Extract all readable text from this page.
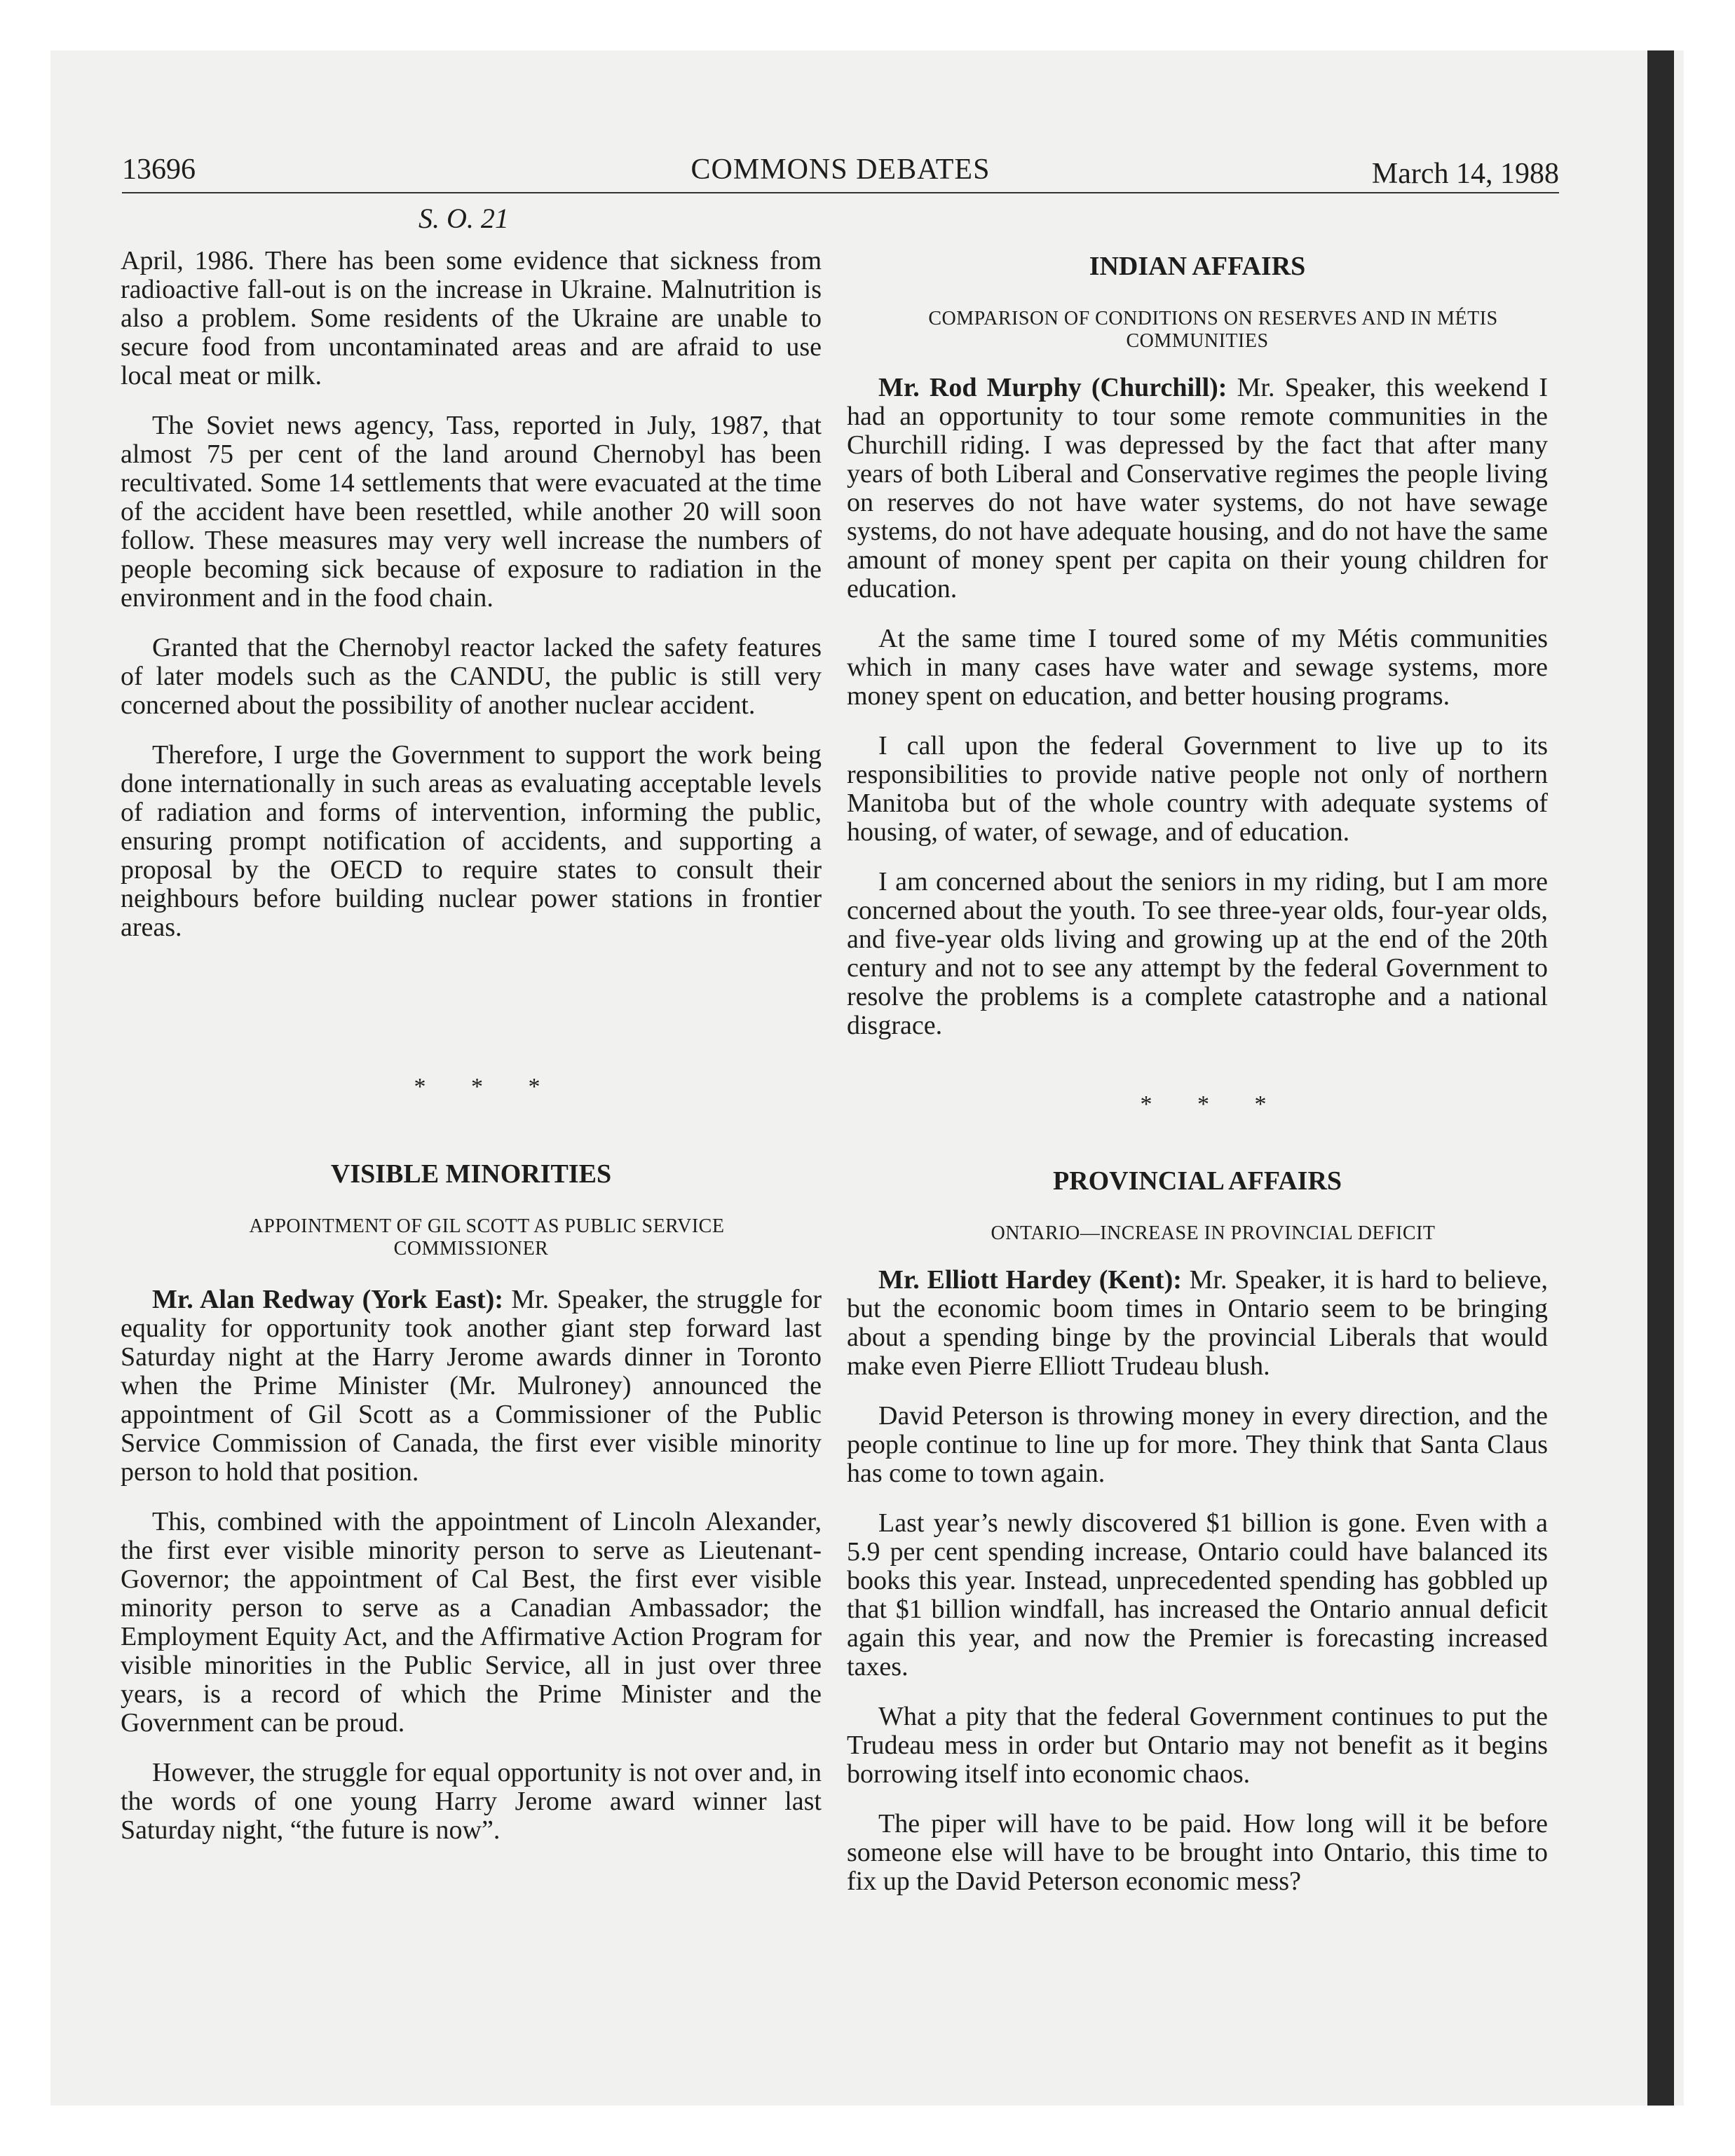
13696	COMMONS DEBATES	March 14, 1988
S. O. 21

April, 1986. There has been some evidence that sickness from radioactive fall-out is on the increase in Ukraine. Malnutrition is also a problem. Some residents of the Ukraine are unable to secure food from uncontaminated areas and are afraid to use local meat or milk.

The Soviet news agency, Tass, reported in July, 1987, that almost 75 per cent of the land around Chernobyl has been recultivated. Some 14 settlements that were evacuated at the time of the accident have been resettled, while another 20 will soon follow. These measures may very well increase the numbers of people becoming sick because of exposure to radiation in the environment and in the food chain.

Granted that the Chernobyl reactor lacked the safety features of later models such as the CANDU, the public is still very concerned about the possibility of another nuclear accident.

Therefore, I urge the Government to support the work being done internationally in such areas as evaluating acceptable levels of radiation and forms of intervention, informing the public, ensuring prompt notification of accidents, and supporting a proposal by the OECD to require states to consult their neighbours before building nuclear power stations in frontier areas.

* * *

VISIBLE MINORITIES

APPOINTMENT OF GIL SCOTT AS PUBLIC SERVICE COMMISSIONER

Mr. Alan Redway (York East): Mr. Speaker, the struggle for equality for opportunity took another giant step forward last Saturday night at the Harry Jerome awards dinner in Toronto when the Prime Minister (Mr. Mulroney) announced the appointment of Gil Scott as a Commissioner of the Public Service Commission of Canada, the first ever visible minority person to hold that position.

This, combined with the appointment of Lincoln Alexander, the first ever visible minority person to serve as Lieutenant-Governor; the appointment of Cal Best, the first ever visible minority person to serve as a Canadian Ambassador; the Employment Equity Act, and the Affirmative Action Program for visible minorities in the Public Service, all in just over three years, is a record of which the Prime Minister and the Government can be proud.

However, the struggle for equal opportunity is not over and, in the words of one young Harry Jerome award winner last Saturday night, “the future is now”.

INDIAN AFFAIRS

COMPARISON OF CONDITIONS ON RESERVES AND IN MÉTIS COMMUNITIES

Mr. Rod Murphy (Churchill): Mr. Speaker, this weekend I had an opportunity to tour some remote communities in the Churchill riding. I was depressed by the fact that after many years of both Liberal and Conservative regimes the people living on reserves do not have water systems, do not have sewage systems, do not have adequate housing, and do not have the same amount of money spent per capita on their young children for education.

At the same time I toured some of my Métis communities which in many cases have water and sewage systems, more money spent on education, and better housing programs.

I call upon the federal Government to live up to its responsibilities to provide native people not only of northern Manitoba but of the whole country with adequate systems of housing, of water, of sewage, and of education.

I am concerned about the seniors in my riding, but I am more concerned about the youth. To see three-year olds, four-year olds, and five-year olds living and growing up at the end of the 20th century and not to see any attempt by the federal Government to resolve the problems is a complete catastrophe and a national disgrace.

* * *

PROVINCIAL AFFAIRS

ONTARIO—INCREASE IN PROVINCIAL DEFICIT

Mr. Elliott Hardey (Kent): Mr. Speaker, it is hard to believe, but the economic boom times in Ontario seem to be bringing about a spending binge by the provincial Liberals that would make even Pierre Elliott Trudeau blush.

David Peterson is throwing money in every direction, and the people continue to line up for more. They think that Santa Claus has come to town again.

Last year’s newly discovered $1 billion is gone. Even with a 5.9 per cent spending increase, Ontario could have balanced its books this year. Instead, unprecedented spending has gobbled up that $1 billion windfall, has increased the Ontario annual deficit again this year, and now the Premier is forecasting increased taxes.

What a pity that the federal Government continues to put the Trudeau mess in order but Ontario may not benefit as it begins borrowing itself into economic chaos.

The piper will have to be paid. How long will it be before someone else will have to be brought into Ontario, this time to fix up the David Peterson economic mess?
